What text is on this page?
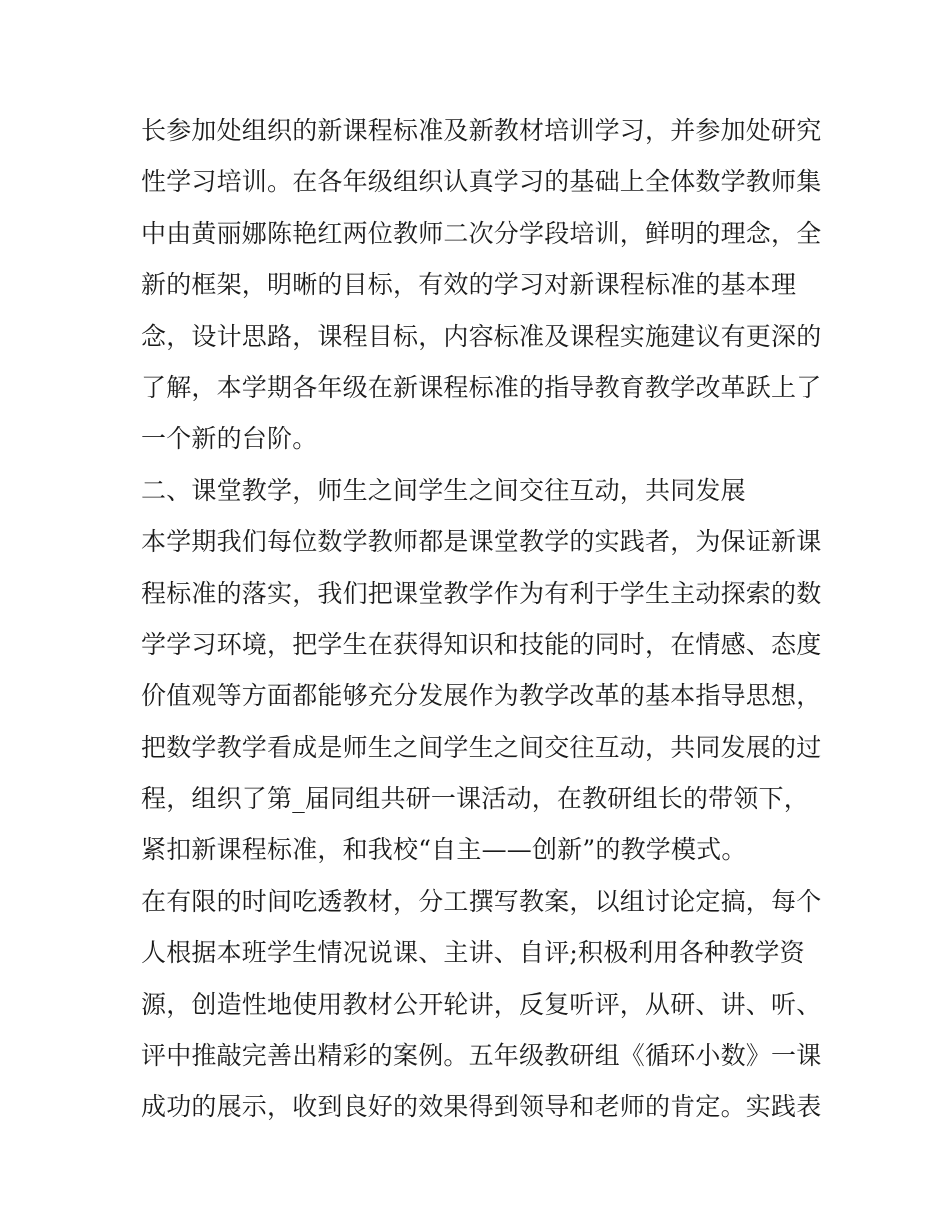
长参加处组织的新课程标准及新教材培训学习，并参加处研究
性学习培训。在各年级组织认真学习的基础上全体数学教师集
中由黄丽娜陈艳红两位教师二次分学段培训，鲜明的理念，全
新的框架，明晰的目标，有效的学习对新课程标准的基本理
念，设计思路，课程目标，内容标准及课程实施建议有更深的
了解，本学期各年级在新课程标准的指导教育教学改革跃上了
一个新的台阶。
二、课堂教学，师生之间学生之间交往互动，共同发展
本学期我们每位数学教师都是课堂教学的实践者，为保证新课
程标准的落实，我们把课堂教学作为有利于学生主动探索的数
学学习环境，把学生在获得知识和技能的同时，在情感、态度
价值观等方面都能够充分发展作为教学改革的基本指导思想，
把数学教学看成是师生之间学生之间交往互动，共同发展的过
程，组织了第_届同组共研一课活动，在教研组长的带领下，
紧扣新课程标准，和我校“自主——创新”的教学模式。
在有限的时间吃透教材，分工撰写教案，以组讨论定搞，每个
人根据本班学生情况说课、主讲、自评;积极利用各种教学资
源，创造性地使用教材公开轮讲，反复听评，从研、讲、听、
评中推敲完善出精彩的案例。五年级教研组《循环小数》一课
成功的展示，收到良好的效果得到领导和老师的肯定。实践表
